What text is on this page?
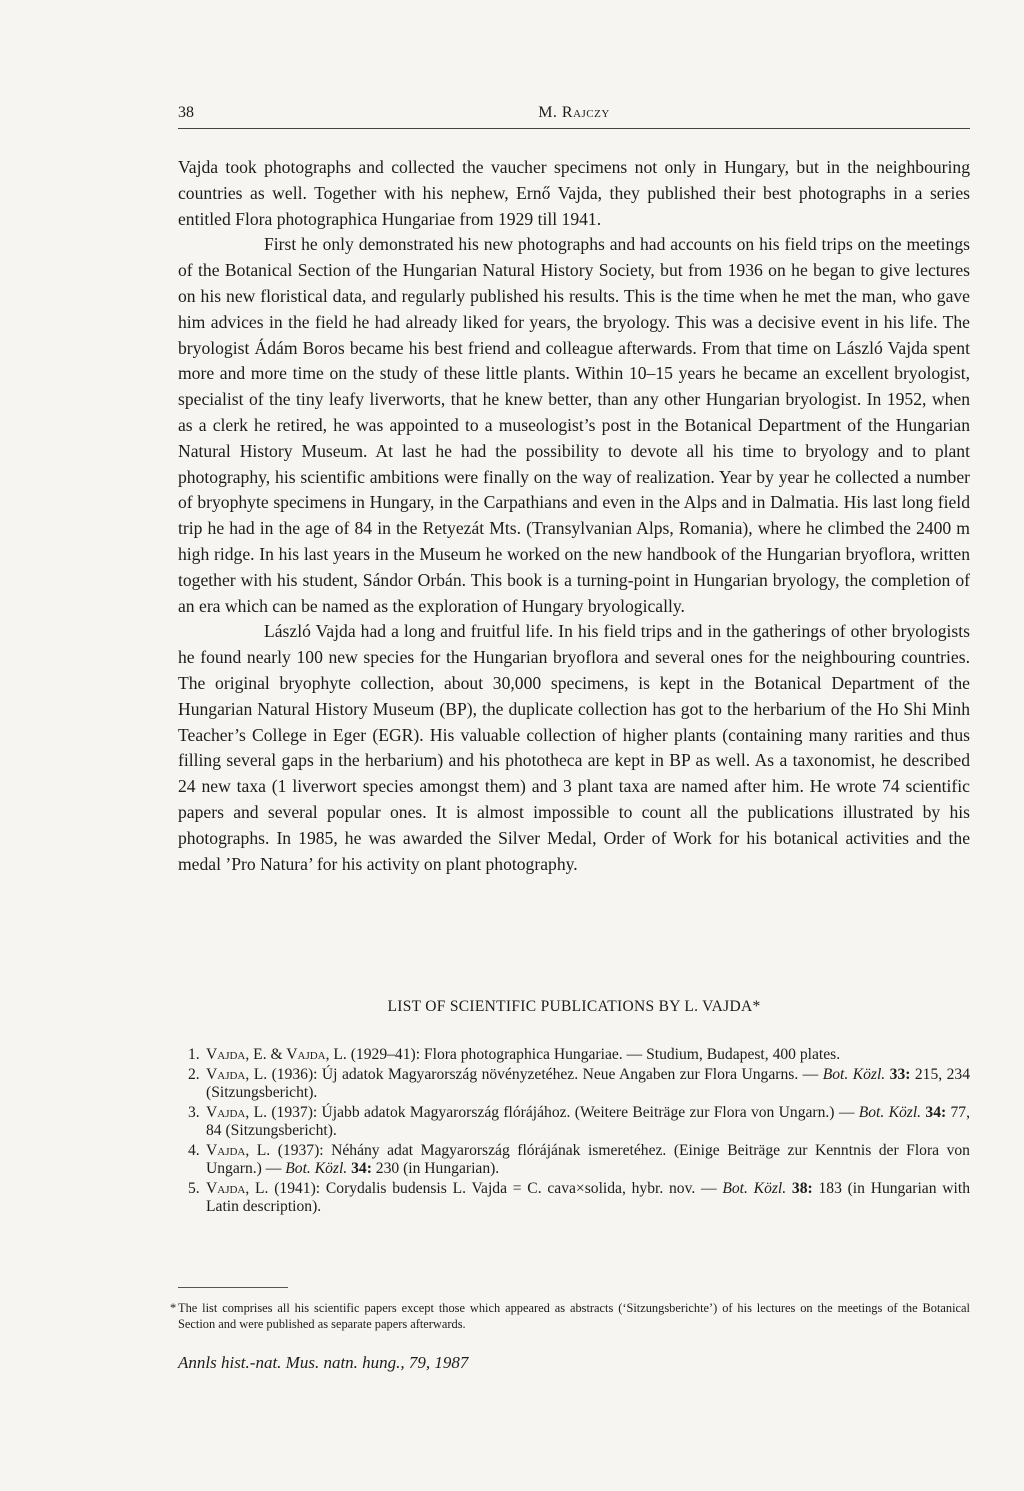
38	M. Rajczy

Vajda took photographs and collected the vaucher specimens not only in Hungary, but in the neighbouring countries as well. Together with his nephew, Ernő Vajda, they published their best photographs in a series entitled Flora photographica Hungariae from 1929 till 1941.

First he only demonstrated his new photographs and had accounts on his field trips on the meetings of the Botanical Section of the Hungarian Natural History Society, but from 1936 on he began to give lectures on his new floristical data, and regularly published his results. This is the time when he met the man, who gave him advices in the field he had already liked for years, the bryology. This was a decisive event in his life. The bryologist Ádám Boros became his best friend and colleague afterwards. From that time on László Vajda spent more and more time on the study of these little plants. Within 10–15 years he became an excellent bryologist, specialist of the tiny leafy liverworts, that he knew better, than any other Hungarian bryologist. In 1952, when as a clerk he retired, he was appointed to a museologist’s post in the Botanical Department of the Hungarian Natural History Museum. At last he had the possibility to devote all his time to bryology and to plant photography, his scientific ambitions were finally on the way of realization. Year by year he collected a number of bryophyte specimens in Hungary, in the Carpathians and even in the Alps and in Dalmatia. His last long field trip he had in the age of 84 in the Retyezát Mts. (Transylvanian Alps, Romania), where he climbed the 2400 m high ridge. In his last years in the Museum he worked on the new handbook of the Hungarian bryoflora, written together with his student, Sándor Orbán. This book is a turning-point in Hungarian bryology, the completion of an era which can be named as the exploration of Hungary bryologically.

László Vajda had a long and fruitful life. In his field trips and in the gatherings of other bryologists he found nearly 100 new species for the Hungarian bryoflora and several ones for the neighbouring countries. The original bryophyte collection, about 30,000 specimens, is kept in the Botanical Department of the Hungarian Natural History Museum (BP), the duplicate collection has got to the herbarium of the Ho Shi Minh Teacher’s College in Eger (EGR). His valuable collection of higher plants (containing many rarities and thus filling several gaps in the herbarium) and his phototheca are kept in BP as well. As a taxonomist, he described 24 new taxa (1 liverwort species amongst them) and 3 plant taxa are named after him. He wrote 74 scientific papers and several popular ones. It is almost impossible to count all the publications illustrated by his photographs. In 1985, he was awarded the Silver Medal, Order of Work for his botanical activities and the medal ’Pro Natura’ for his activity on plant photography.

LIST OF SCIENTIFIC PUBLICATIONS BY L. VAJDA*
1. Vajda, E. & Vajda, L. (1929–41): Flora photographica Hungariae. — Studium, Budapest, 400 plates.
2. Vajda, L. (1936): Új adatok Magyarország növényzetéhez. Neue Angaben zur Flora Ungarns. — Bot. Közl. 33: 215, 234 (Sitzungsbericht).
3. Vajda, L. (1937): Újabb adatok Magyarország flórájához. (Weitere Beiträge zur Flora von Ungarn.) — Bot. Közl. 34: 77, 84 (Sitzungsbericht).
4. Vajda, L. (1937): Néhány adat Magyarország flórájának ismeretéhez. (Einige Beiträge zur Kenntnis der Flora von Ungarn.) — Bot. Közl. 34: 230 (in Hungarian).
5. Vajda, L. (1941): Corydalis budensis L. Vajda = C. cava×solida, hybr. nov. — Bot. Közl. 38: 183 (in Hungarian with Latin description).
* The list comprises all his scientific papers except those which appeared as abstracts (‘Sitzungsberichte’) of his lectures on the meetings of the Botanical Section and were published as separate papers afterwards.
Annls hist.-nat. Mus. natn. hung., 79, 1987
